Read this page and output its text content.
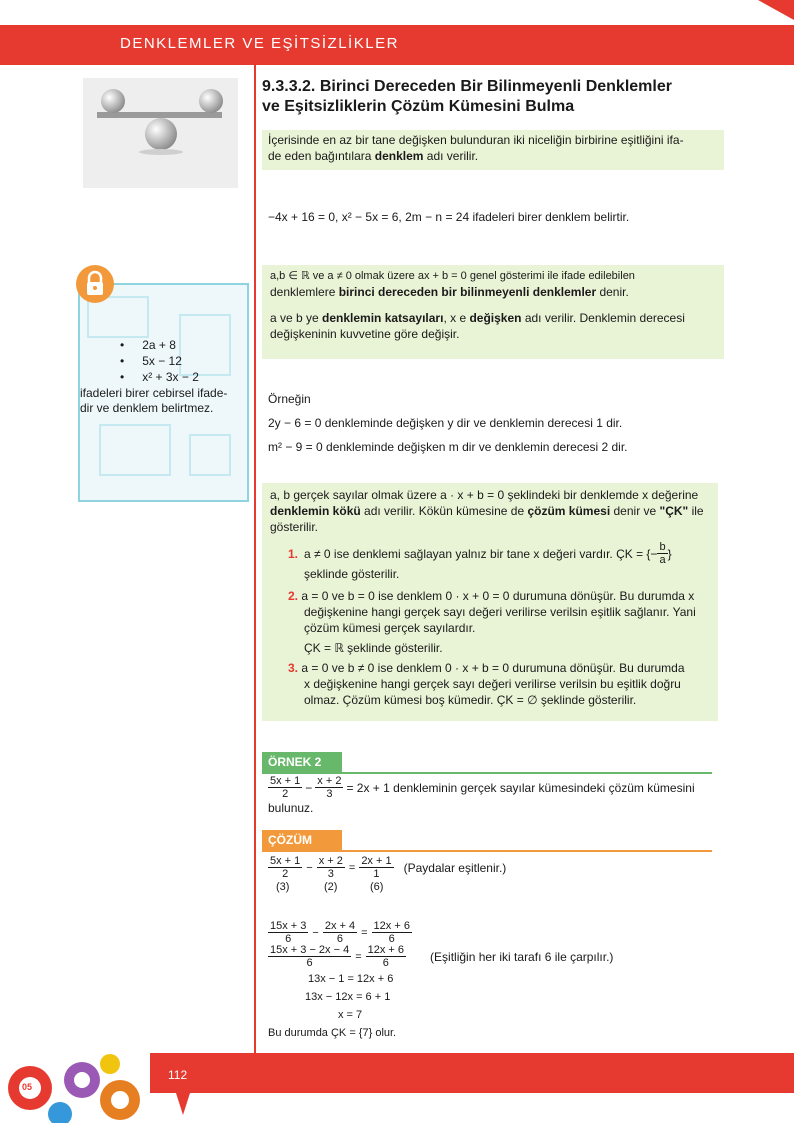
DENKLEMLER VE EŞİTSİZLİKLER
9.3.3.2. Birinci Dereceden Bir Bilinmeyenli Denklemler
ve Eşitsizliklerin Çözüm Kümesini Bulma
İçerisinde en az bir tane değişken bulunduran iki niceliğin birbirine eşitliğini ifa-
de eden bağıntılara denklem adı verilir.
−4x + 16 = 0, x² − 5x = 6, 2m − n = 24 ifadeleri birer denklem belirtir.
a,b ∈ ℝ ve a ≠ 0 olmak üzere ax + b = 0 genel gösterimi ile ifade edilebilen
denklemlere birinci dereceden bir bilinmeyenli denklemler denir.
a ve b ye denklemin katsayıları, x e değişken adı verilir. Denklemin derecesi
değişkeninin kuvvetine göre değişir.
Örneğin
2y − 6 = 0 denkleminde değişken y dir ve denklemin derecesi 1 dir.
m² − 9 = 0 denkleminde değişken m dir ve denklemin derecesi 2 dir.
a, b gerçek sayılar olmak üzere a · x + b = 0 şeklindeki bir denklemde x değerine
denklemin kökü adı verilir. Kökün kümesine de çözüm kümesi denir ve "ÇK" ile
gösterilir.
1. a ≠ 0 ise denklemi sağlayan yalnız bir tane x değeri vardır. ÇK = {− $\frac{b}{a}$ }
şeklinde gösterilir.
2. a = 0 ve b = 0 ise denklem 0 · x + 0 = 0 durumuna dönüşür. Bu durumda x
değişkenine hangi gerçek sayı değeri verilirse verilsin eşitlik sağlanır. Yani
çözüm kümesi gerçek sayılardır.
ÇK = ℝ şeklinde gösterilir.
3. a = 0 ve b ≠ 0 ise denklem 0 · x + b = 0 durumuna dönüşür. Bu durumda
x değişkenine hangi gerçek sayı değeri verilirse verilsin bu eşitlik doğru
olmaz. Çözüm kümesi boş kümedir. ÇK = ∅ şeklinde gösterilir.
ÖRNEK 2
$\frac{5x + 1}{2} - \frac{x + 2}{3} = 2x + 1$ denkleminin gerçek sayılar kümesindeki çözüm kümesini
bulunuz.
ÇÖZÜM
$\frac{5x + 1}{2} - \frac{x + 2}{3} = \frac{2x + 1}{1}$ (Paydalar eşitlenir.)
(3)	(2)	(6)
$\frac{15x + 3}{6} - \frac{2x + 4}{6} = \frac{12x + 6}{6}$
$\frac{15x + 3 - 2x - 4}{6} = \frac{12x + 6}{6}$ (Eşitliğin her iki tarafı 6 ile çarpılır.)
13x − 1 = 12x + 6
13x − 12x = 6 + 1
x = 7
Bu durumda ÇK = {7} olur.
• 2a + 8
• 5x − 12
• x² + 3x − 2
ifadeleri birer cebirsel ifade-
dir ve denklem belirtmez.
112
05
